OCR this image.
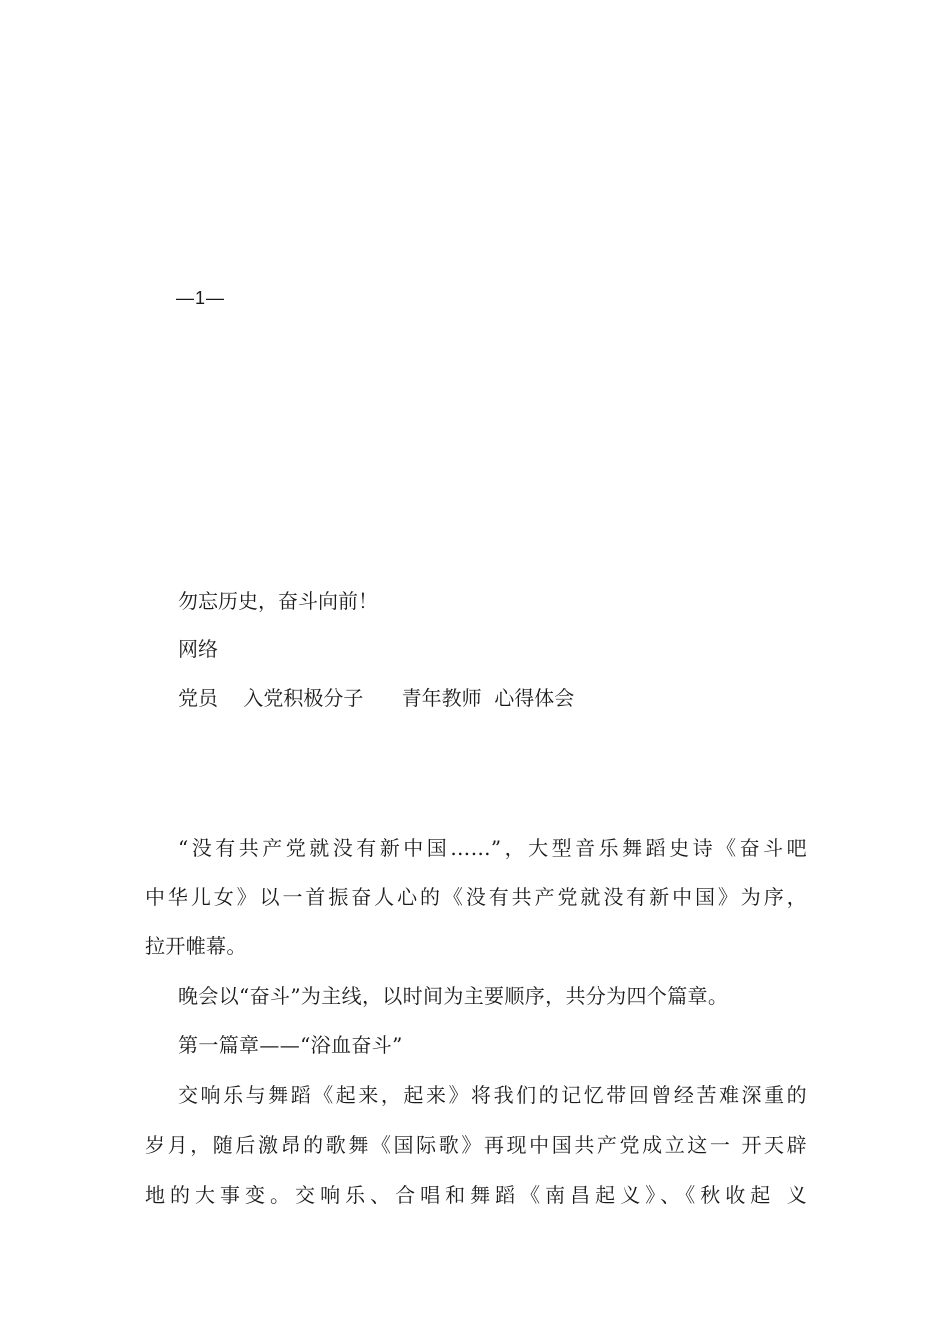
—1—
勿忘历史，奋斗向前！
网络
党员    入党积极分子      青年教师  心得体会
“没有共产党就没有新中国……”，大型音乐舞蹈史诗《奋斗吧
中华儿女》以一首振奋人心的《没有共产党就没有新中国》为序，
拉开帷幕。
晚会以“奋斗”为主线，以时间为主要顺序，共分为四个篇章。
第一篇章——“浴血奋斗”
交响乐与舞蹈《起来，起来》将我们的记忆带回曾经苦难深重的
岁月，随后激昂的歌舞《国际歌》再现中国共产党成立这一 开天辟
地的大事变。交响乐、合唱和舞蹈《南昌起义》、《秋收起 义
